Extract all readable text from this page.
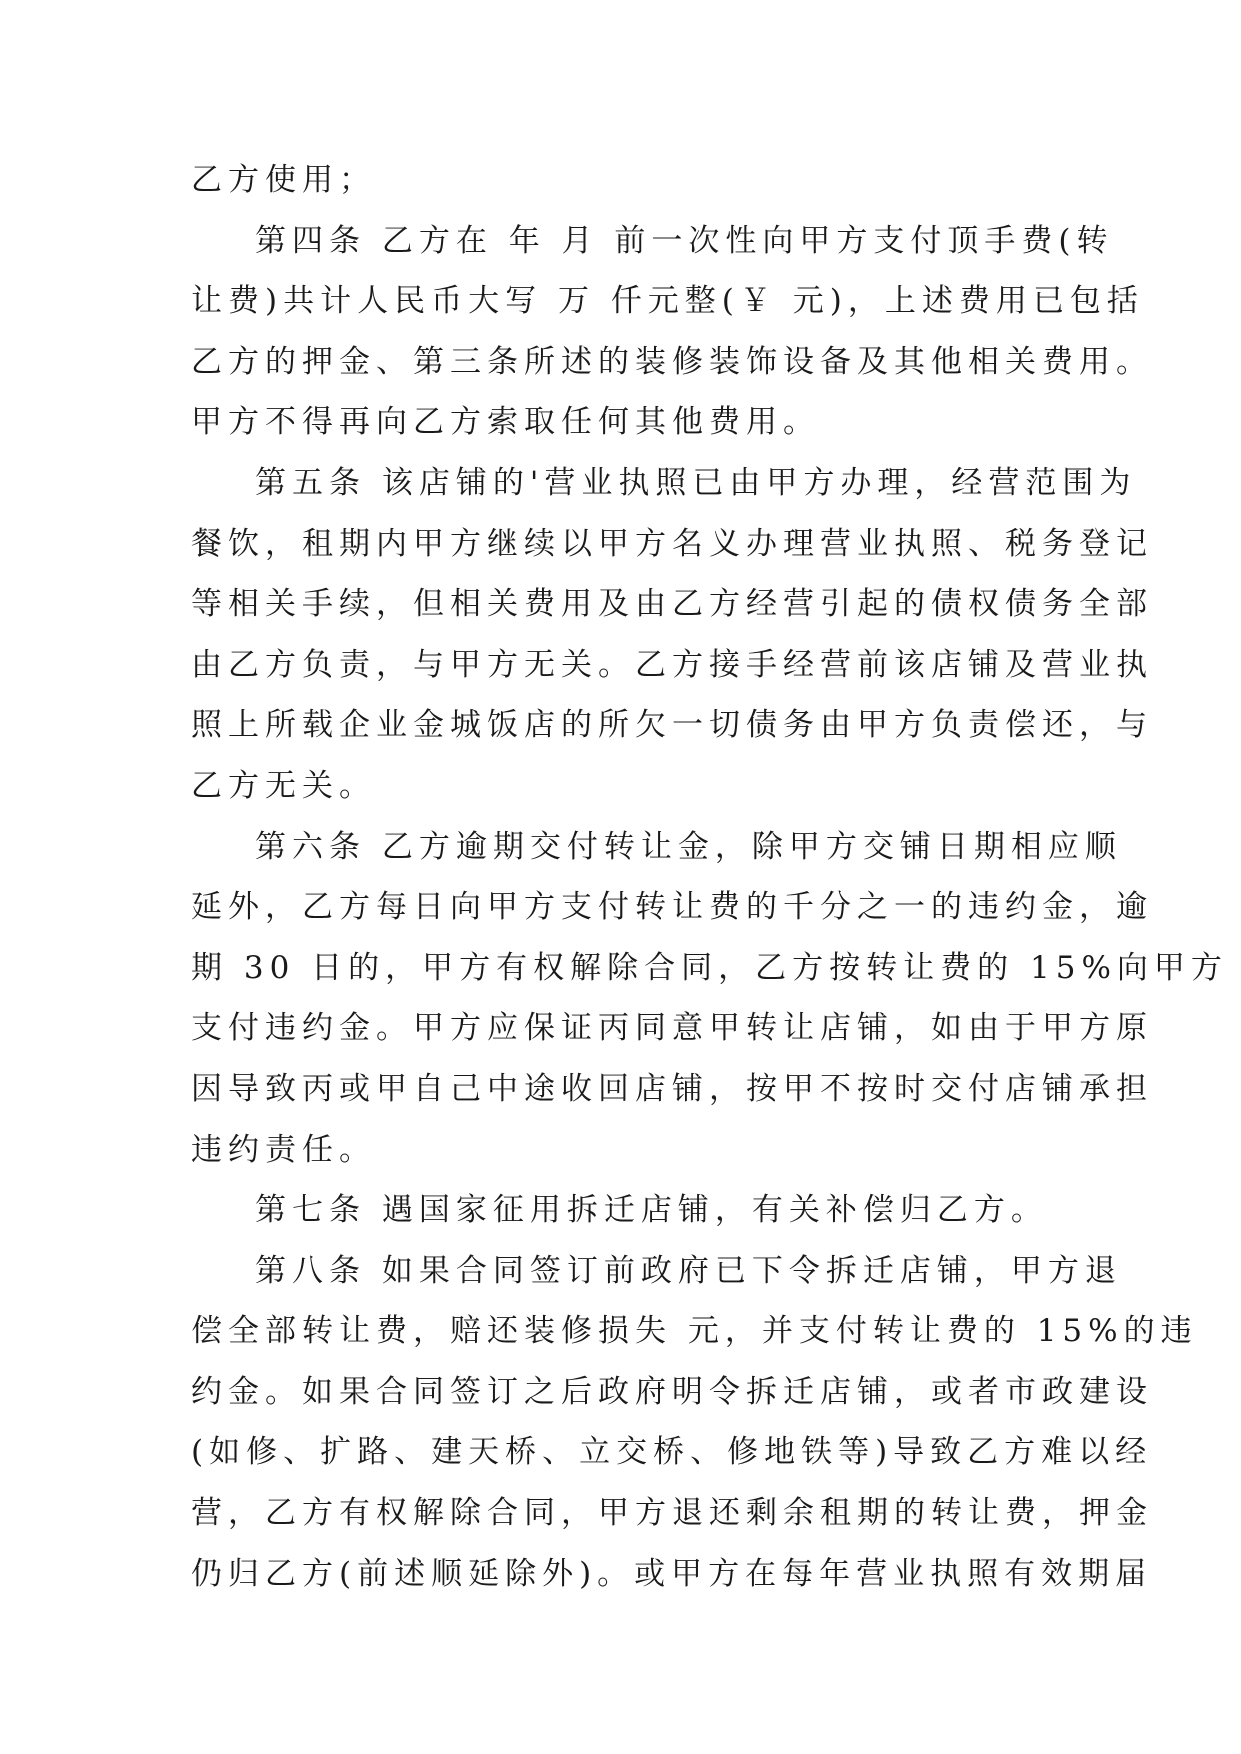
乙方使用；
第四条 乙方在 年 月 前一次性向甲方支付顶手费(转
让费)共计人民币大写 万 仟元整(￥ 元)，上述费用已包括
乙方的押金、第三条所述的装修装饰设备及其他相关费用。
甲方不得再向乙方索取任何其他费用。
第五条 该店铺的'营业执照已由甲方办理，经营范围为
餐饮，租期内甲方继续以甲方名义办理营业执照、税务登记
等相关手续，但相关费用及由乙方经营引起的债权债务全部
由乙方负责，与甲方无关。乙方接手经营前该店铺及营业执
照上所载企业金城饭店的所欠一切债务由甲方负责偿还，与
乙方无关。
第六条 乙方逾期交付转让金，除甲方交铺日期相应顺
延外，乙方每日向甲方支付转让费的千分之一的违约金，逾
期 30 日的，甲方有权解除合同，乙方按转让费的 15%向甲方
支付违约金。甲方应保证丙同意甲转让店铺，如由于甲方原
因导致丙或甲自己中途收回店铺，按甲不按时交付店铺承担
违约责任。
第七条 遇国家征用拆迁店铺，有关补偿归乙方。
第八条 如果合同签订前政府已下令拆迁店铺，甲方退
偿全部转让费，赔还装修损失 元，并支付转让费的 15%的违
约金。如果合同签订之后政府明令拆迁店铺，或者市政建设
(如修、扩路、建天桥、立交桥、修地铁等)导致乙方难以经
营，乙方有权解除合同，甲方退还剩余租期的转让费，押金
仍归乙方(前述顺延除外)。或甲方在每年营业执照有效期届
